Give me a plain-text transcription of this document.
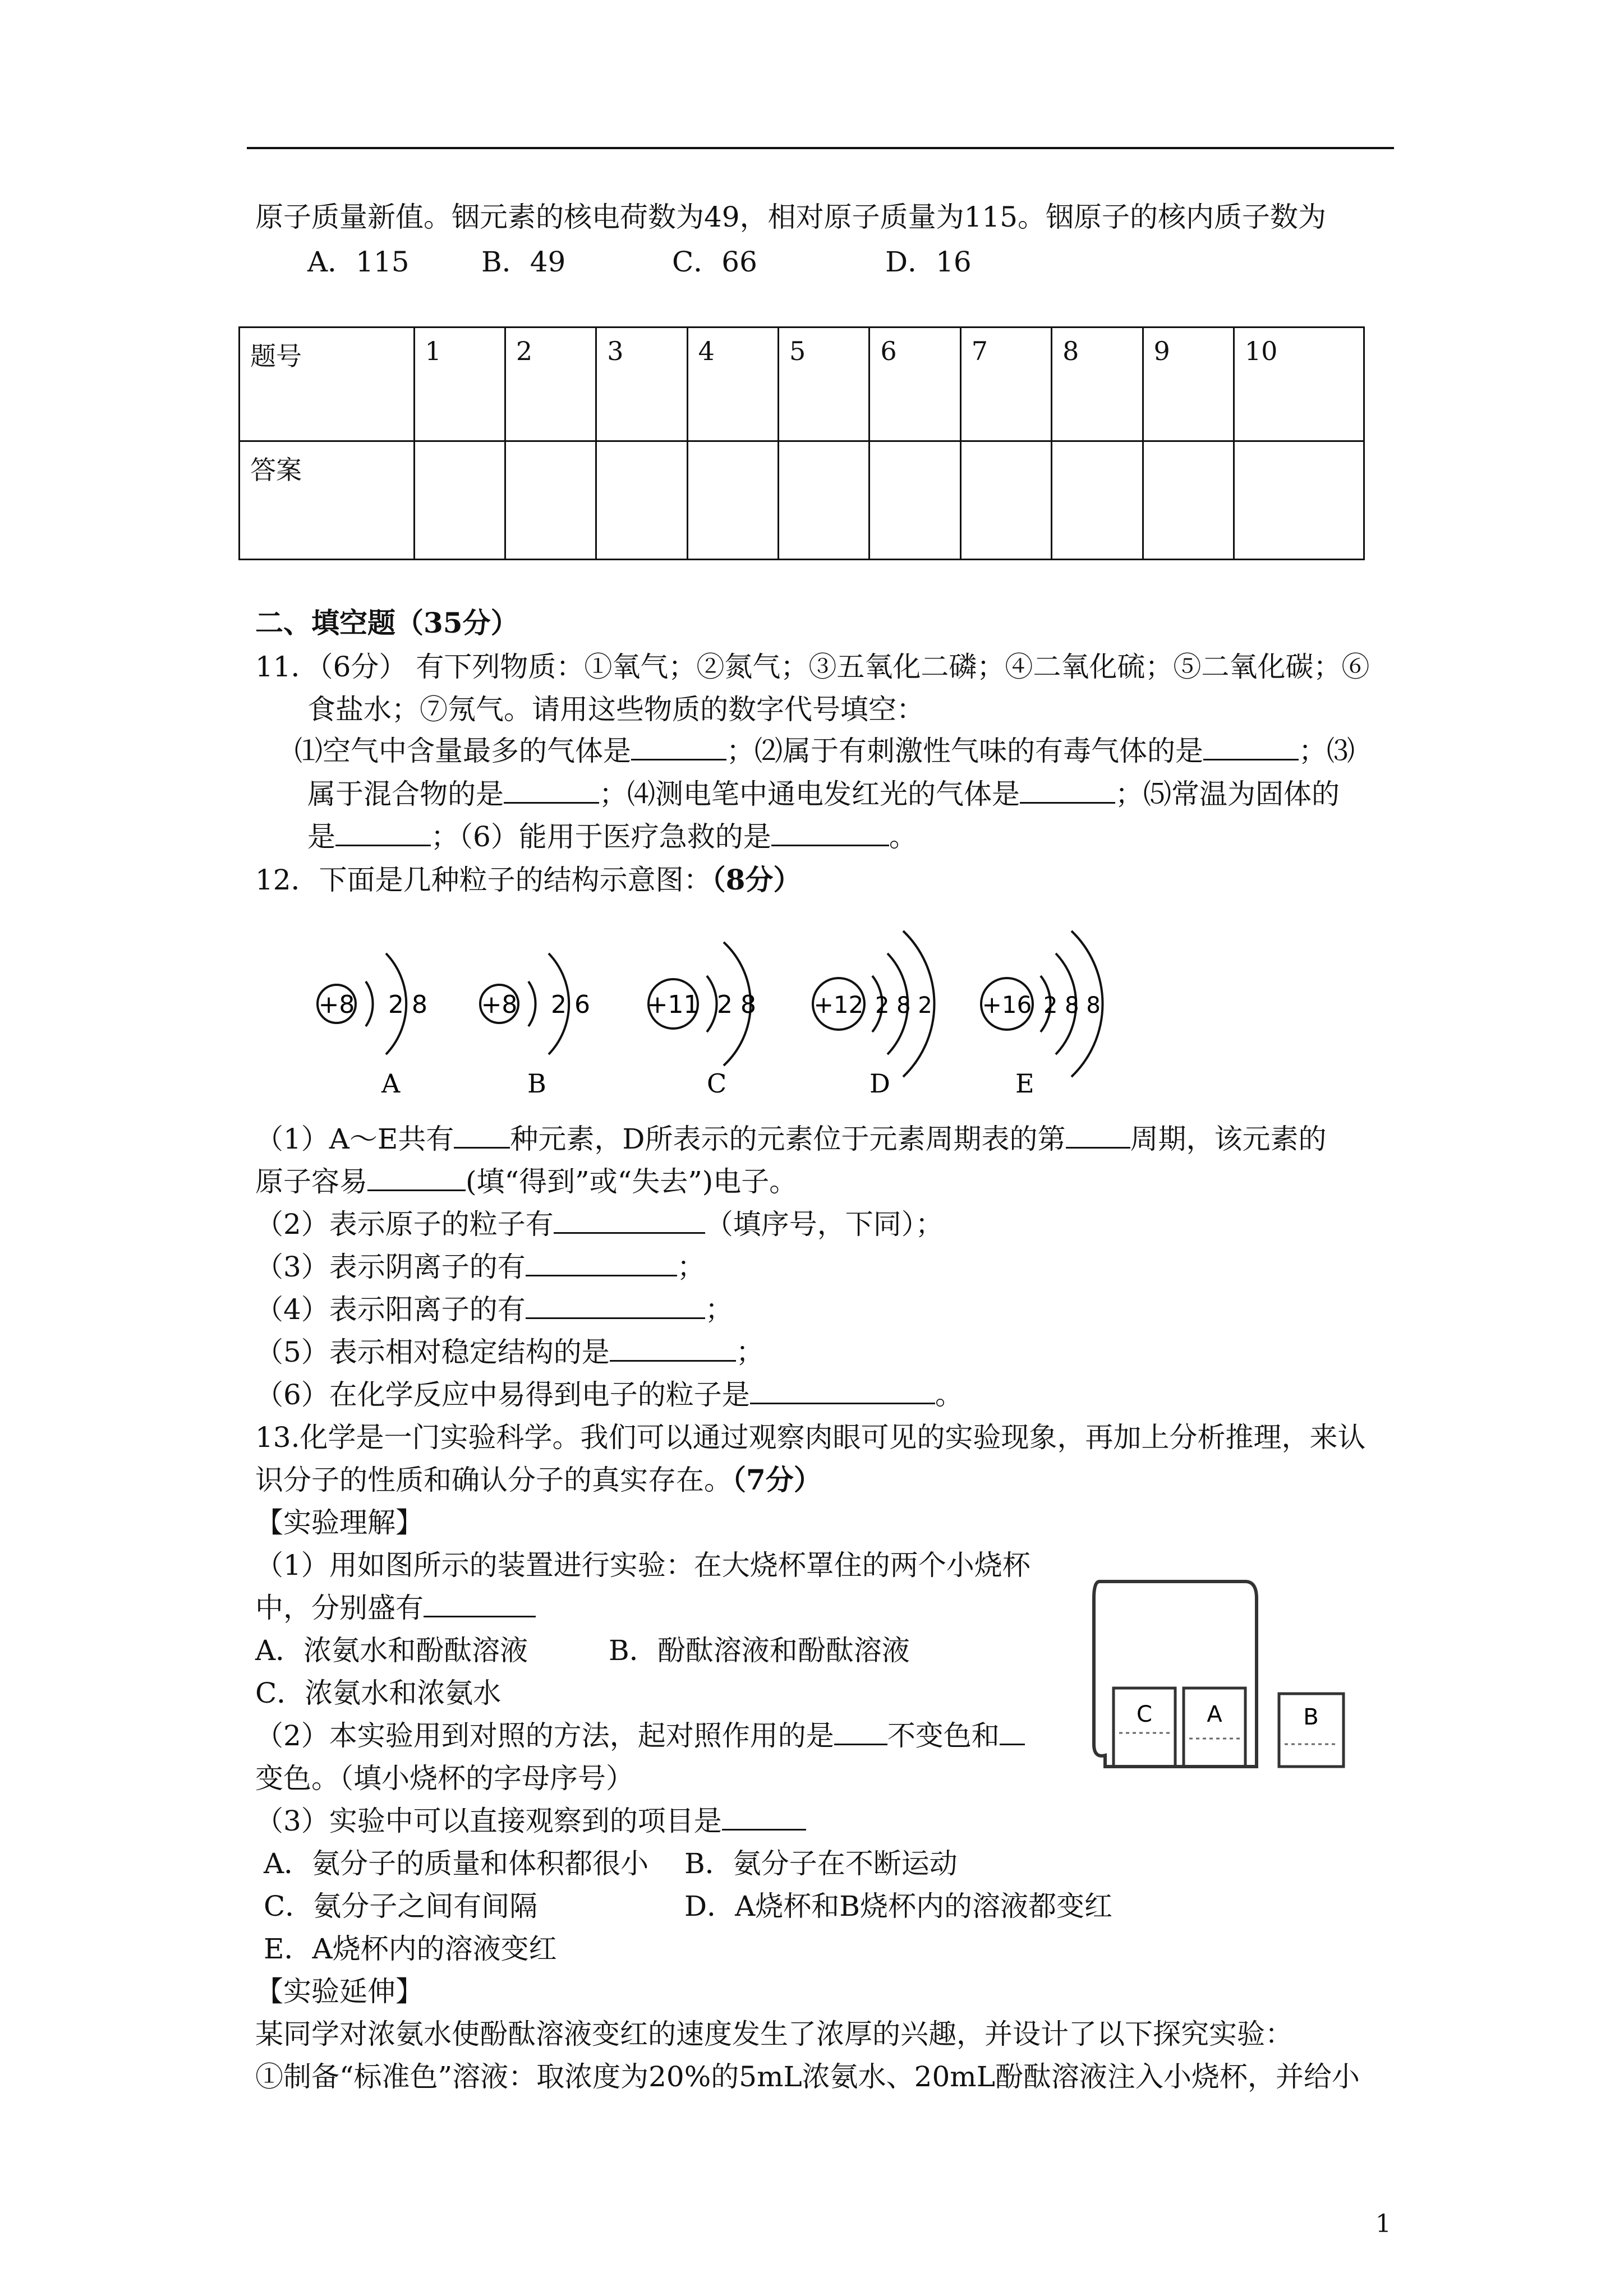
原子质量新值。铟元素的核电荷数为49，相对原子质量为115。铟原子的核内质子数为
A．115	B．49	C．66	D．16
题号	1	2	3	4	5	6	7	8	9	10
答案										
二、填空题（35分）
11．（6分） 有下列物质：①氧气；②氮气；③五氧化二磷；④二氧化硫；⑤二氧化碳；⑥
食盐水；⑦氖气。请用这些物质的数字代号填空：
⑴空气中含量最多的气体是	；⑵属于有刺激性气味的有毒气体的是	；⑶
属于混合物的是	；⑷测电笔中通电发红光的气体是	；⑸常温为固体的
是	；（6）能用于医疗急救的是	。
12．下面是几种粒子的结构示意图：（8分）
+8 2 8
A
+8 2 6
B
+11 2 8
C
+12 2 8 2
D
+16 2 8 8
E
（1）A～E共有 种元素，D所表示的元素位于元素周期表的第 周期，该元素的
原子容易	(填“得到”或“失去”)电子。
（2）表示原子的粒子有	（填序号，下同）；
（3）表示阴离子的有	；
（4）表示阳离子的有	；
（5）表示相对稳定结构的是	；
（6）在化学反应中易得到电子的粒子是	。
13.化学是一门实验科学。我们可以通过观察肉眼可见的实验现象，再加上分析推理，来认
识分子的性质和确认分子的真实存在。（7分）
【实验理解】
（1）用如图所示的装置进行实验：在大烧杯罩住的两个小烧杯
中，分别盛有
A．浓氨水和酚酞溶液	B．酚酞溶液和酚酞溶液
C．浓氨水和浓氨水
（2）本实验用到对照的方法，起对照作用的是 不变色和
变色。（填小烧杯的字母序号）
（3）实验中可以直接观察到的项目是
A．氨分子的质量和体积都很小 B．氨分子在不断运动
C．氨分子之间有间隔	D．A烧杯和B烧杯内的溶液都变红
E．A烧杯内的溶液变红
【实验延伸】
某同学对浓氨水使酚酞溶液变红的速度发生了浓厚的兴趣，并设计了以下探究实验：
①制备“标准色”溶液：取浓度为20%的5mL浓氨水、20mL酚酞溶液注入小烧杯，并给小
C A	B
1
